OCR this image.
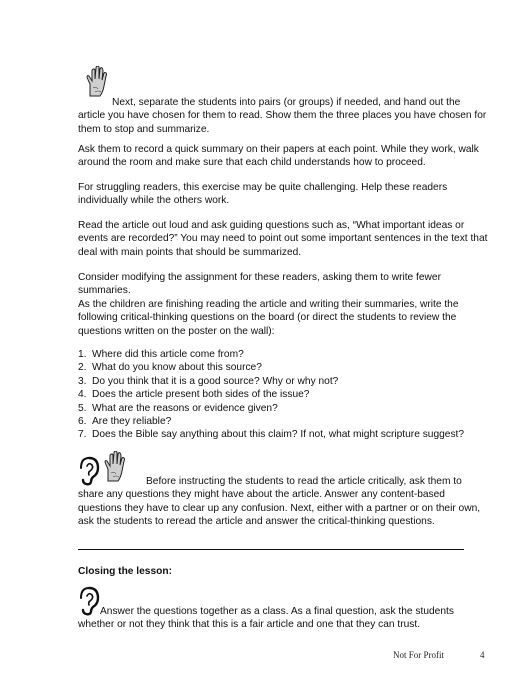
Next, separate the students into pairs (or groups) if needed, and hand out the article you have chosen for them to read. Show them the three places you have chosen for them to stop and summarize.

Ask them to record a quick summary on their papers at each point. While they work, walk around the room and make sure that each child understands how to proceed.

For struggling readers, this exercise may be quite challenging. Help these readers individually while the others work.

Read the article out loud and ask guiding questions such as, “What important ideas or events are recorded?” You may need to point out some important sentences in the text that deal with main points that should be summarized.

Consider modifying the assignment for these readers, asking them to write fewer summaries.

As the children are finishing reading the article and writing their summaries, write the following critical-thinking questions on the board (or direct the students to review the questions written on the poster on the wall):

1. Where did this article come from?
2. What do you know about this source?
3. Do you think that it is a good source? Why or why not?
4. Does the article present both sides of the issue?
5. What are the reasons or evidence given?
6. Are they reliable?
7. Does the Bible say anything about this claim? If not, what might scripture suggest?

Before instructing the students to read the article critically, ask them to share any questions they might have about the article. Answer any content-based questions they have to clear up any confusion. Next, either with a partner or on their own, ask the students to reread the article and answer the critical-thinking questions.

Closing the lesson:

Answer the questions together as a class. As a final question, ask the students whether or not they think that this is a fair article and one that they can trust.

Not For Profit	4
